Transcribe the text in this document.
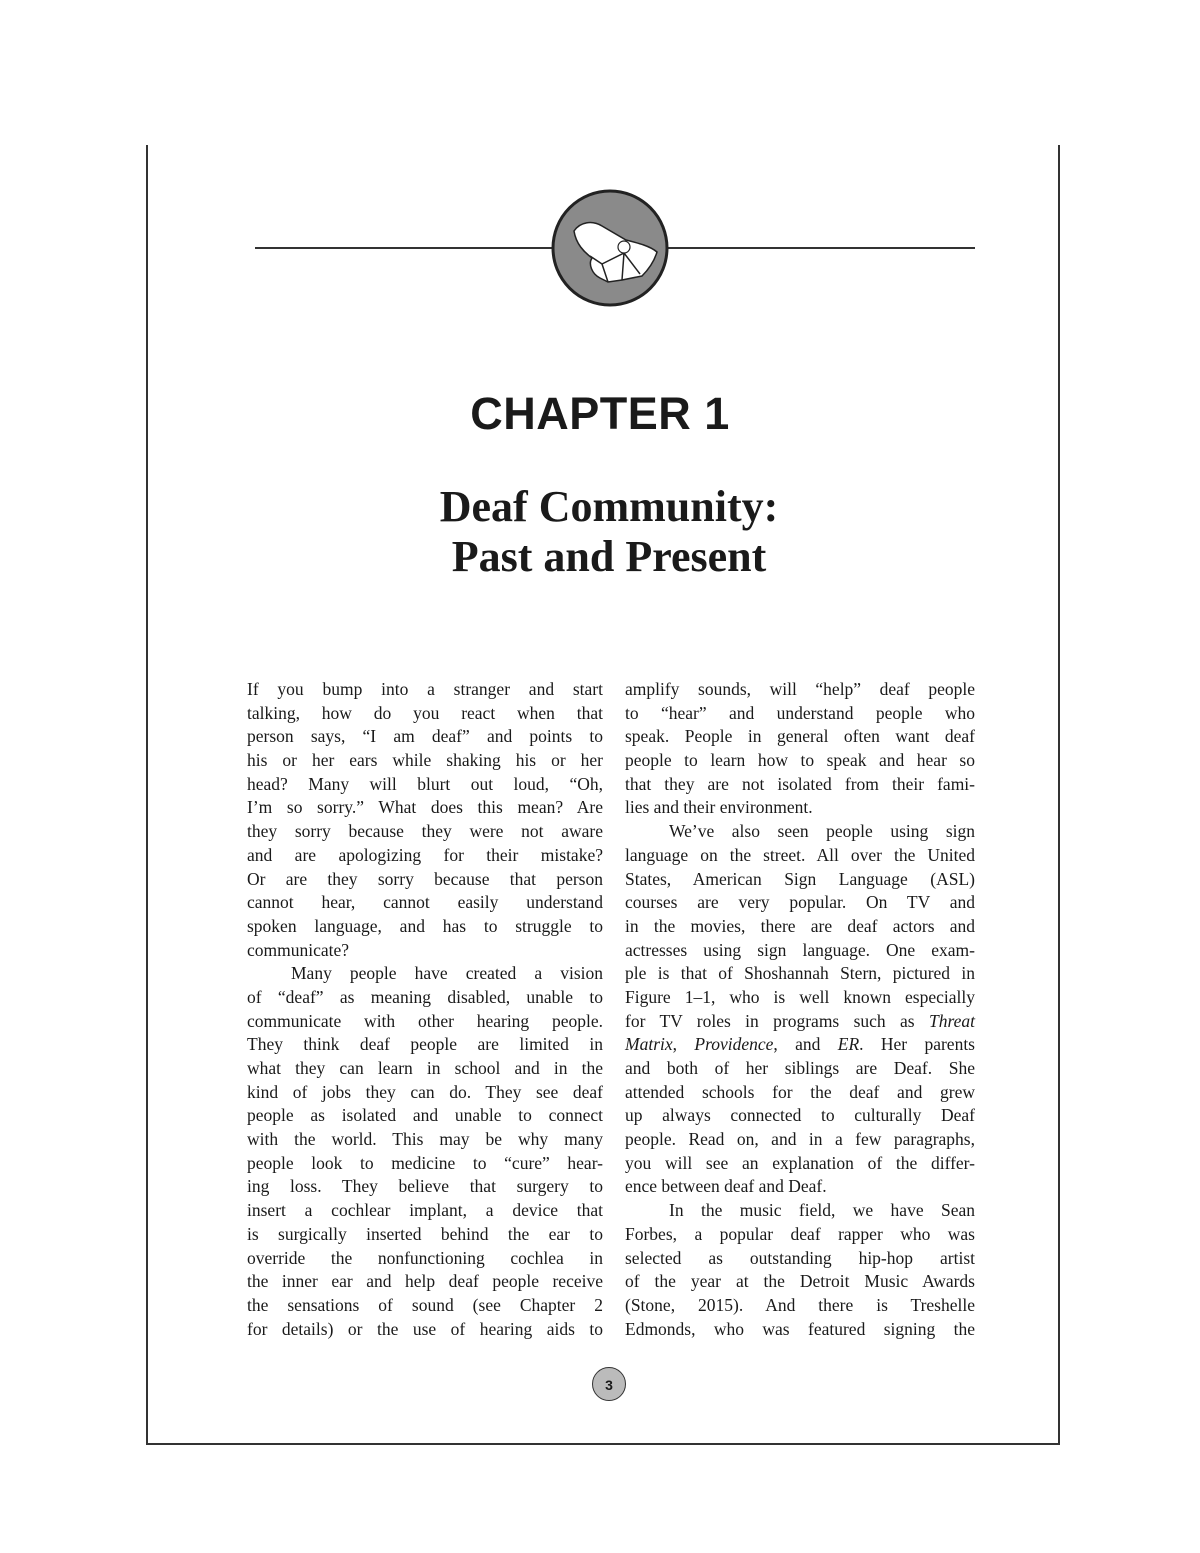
CHAPTER 1
Deaf Community:
Past and Present
If you bump into a stranger and start
talking, how do you react when that
person says, “I am deaf” and points to
his or her ears while shaking his or her
head? Many will blurt out loud, “Oh,
I’m so sorry.” What does this mean? Are
they sorry because they were not aware
and are apologizing for their mistake?
Or are they sorry because that person
cannot hear, cannot easily understand
spoken language, and has to struggle to
communicate?
Many people have created a vision
of “deaf” as meaning disabled, unable to
communicate with other hearing people.
They think deaf people are limited in
what they can learn in school and in the
kind of jobs they can do. They see deaf
people as isolated and unable to connect
with the world. This may be why many
people look to medicine to “cure” hear-
ing loss. They believe that surgery to
insert a cochlear implant, a device that
is surgically inserted behind the ear to
override the nonfunctioning cochlea in
the inner ear and help deaf people receive
the sensations of sound (see Chapter 2
for details) or the use of hearing aids to
amplify sounds, will “help” deaf people
to “hear” and understand people who
speak. People in general often want deaf
people to learn how to speak and hear so
that they are not isolated from their fami-
lies and their environment.
We’ve also seen people using sign
language on the street. All over the United
States, American Sign Language (ASL)
courses are very popular. On TV and
in the movies, there are deaf actors and
actresses using sign language. One exam-
ple is that of Shoshannah Stern, pictured in
Figure 1–1, who is well known especially
for TV roles in programs such as Threat
Matrix, Providence, and ER. Her parents
and both of her siblings are Deaf. She
attended schools for the deaf and grew
up always connected to culturally Deaf
people. Read on, and in a few paragraphs,
you will see an explanation of the differ-
ence between deaf and Deaf.
In the music field, we have Sean
Forbes, a popular deaf rapper who was
selected as outstanding hip-hop artist
of the year at the Detroit Music Awards
(Stone, 2015). And there is Treshelle
Edmonds, who was featured signing the
3
